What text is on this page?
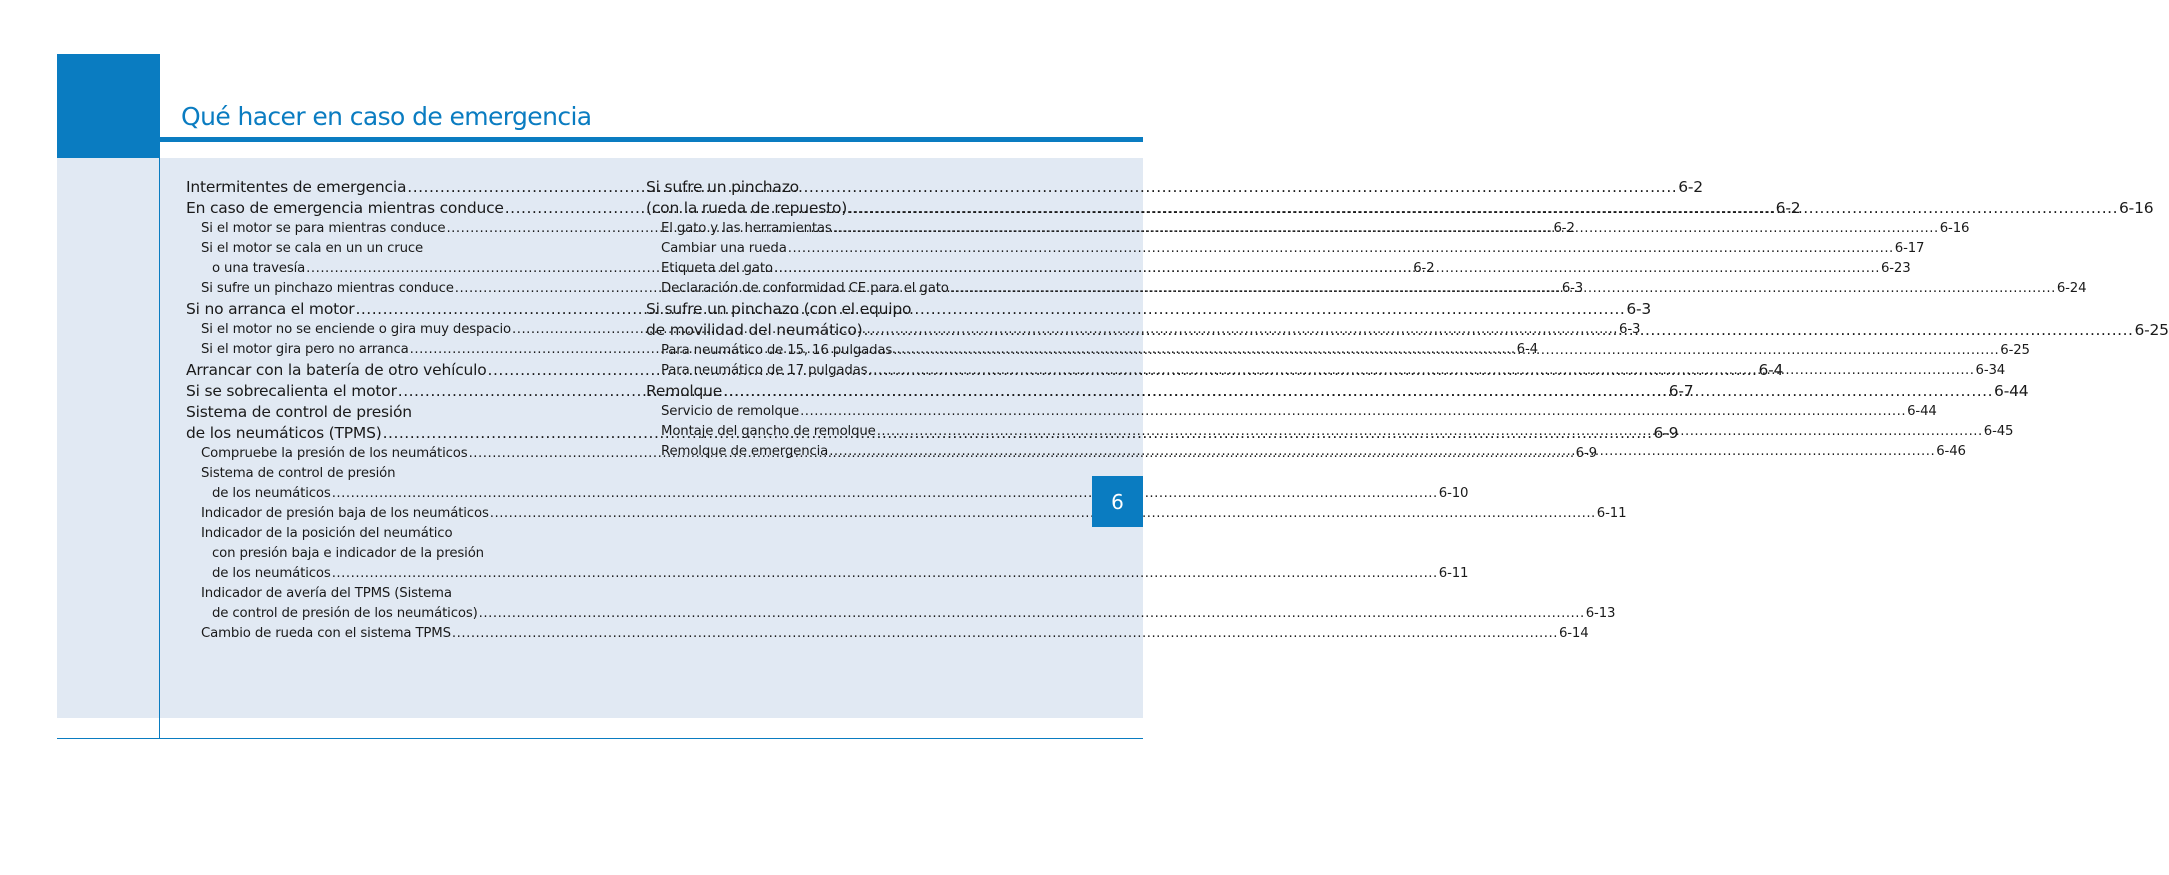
Qué hacer en caso de emergencia
Intermitentes de emergencia .....	6-2
En caso de emergencia mientras conduce .....	6-2
Si el motor se para mientras conduce .....	6-2
Si el motor se cala en un un cruce
o una travesía .....	6-2
Si sufre un pinchazo mientras conduce .....	6-3
Si no arranca el motor .....	6-3
Si el motor no se enciende o gira muy despacio .....	6-3
Si el motor gira pero no arranca .....	6-4
Arrancar con la batería de otro vehículo .....	6-4
Si se sobrecalienta el motor .....	6-7
Sistema de control de presión
de los neumáticos (TPMS) .....	6-9
Compruebe la presión de los neumáticos .....	6-9
Sistema de control de presión
de los neumáticos .....	6-10
Indicador de presión baja de los neumáticos .....	6-11
Indicador de la posición del neumático
con presión baja e indicador de la presión
de los neumáticos .....	6-11
Indicador de avería del TPMS (Sistema
de control de presión de los neumáticos) .....	6-13
Cambio de rueda con el sistema TPMS .....	6-14
Si sufre un pinchazo
(con la rueda de repuesto) .....	6-16
El gato y las herramientas .....	6-16
Cambiar una rueda .....	6-17
Etiqueta del gato .....	6-23
Declaración de conformidad CE para el gato .....	6-24
Si sufre un pinchazo (con el equipo
de movilidad del neumático) .....	6-25
Para neumático de 15, 16 pulgadas .....	6-25
Para neumático de 17 pulgadas .....	6-34
Remolque .....	6-44
Servicio de remolque .....	6-44
Montaje del gancho de remolque .....	6-45
Remolque de emergencia .....	6-46
6
